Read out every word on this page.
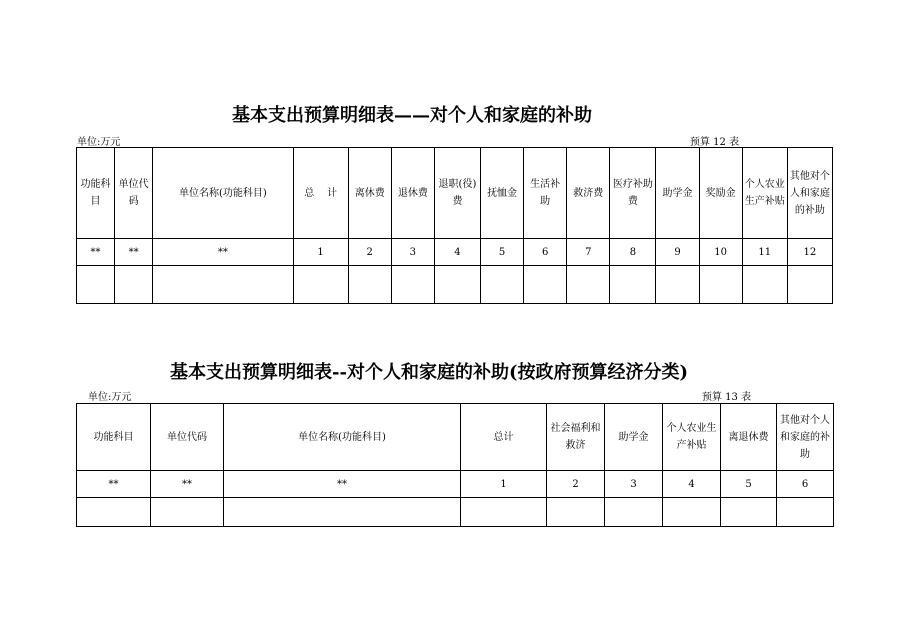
基本支出预算明细表——对个人和家庭的补助
单位:万元	预算 12 表
功能科目	单位代码	单位名称(功能科目)	总    计	离休费	退休费	退职(役)费	抚恤金	生活补助	救济费	医疗补助费	助学金	奖励金	个人农业生产补贴	其他对个人和家庭的补助
**	**	**	1	2	3	4	5	6	7	8	9	10	11	12

基本支出预算明细表--对个人和家庭的补助(按政府预算经济分类)
单位:万元	预算 13 表
功能科目	单位代码	单位名称(功能科目)	总计	社会福利和救济	助学金	个人农业生产补贴	离退休费	其他对个人和家庭的补助
**	**	**	1	2	3	4	5	6
